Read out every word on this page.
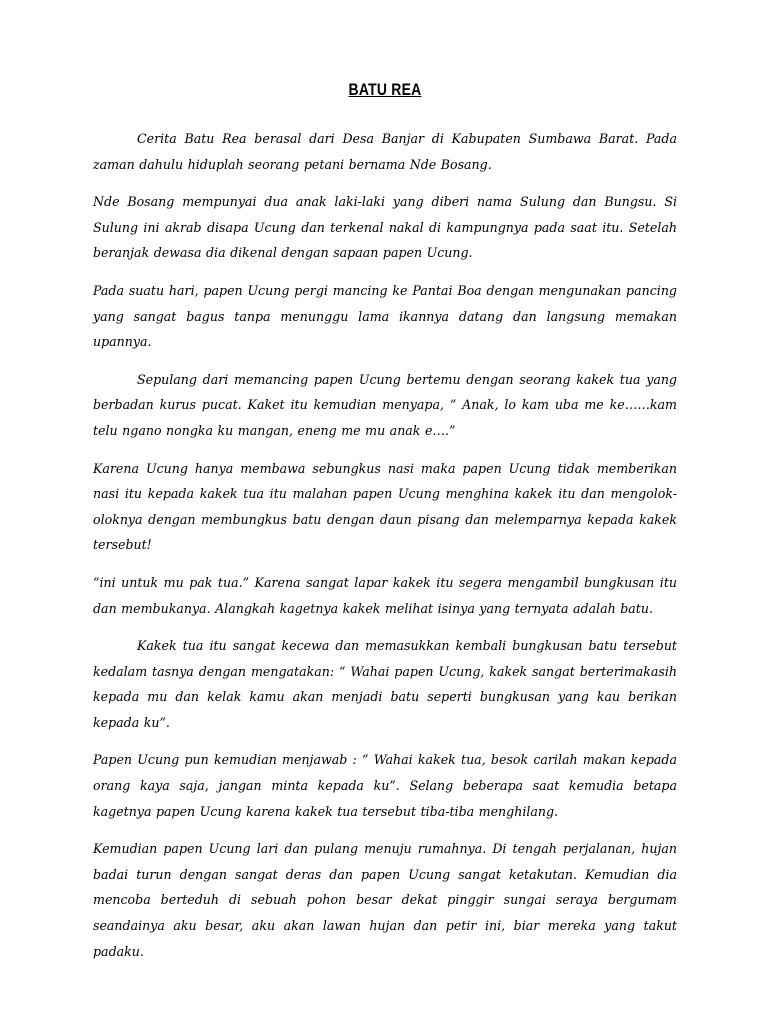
BATU REA

Cerita Batu Rea berasal dari Desa Banjar di Kabupaten Sumbawa Barat. Pada zaman dahulu hiduplah seorang petani bernama Nde Bosang.

Nde Bosang mempunyai dua anak laki-laki yang diberi nama Sulung dan Bungsu. Si Sulung ini akrab disapa Ucung dan terkenal nakal di kampungnya pada saat itu. Setelah beranjak dewasa dia dikenal dengan sapaan papen Ucung.

Pada suatu hari, papen Ucung pergi mancing ke Pantai Boa dengan mengunakan pancing yang sangat bagus tanpa menunggu lama ikannya datang dan langsung memakan upannya.

Sepulang dari memancing papen Ucung bertemu dengan seorang kakek tua yang berbadan kurus pucat. Kaket itu kemudian menyapa, “ Anak, lo kam uba me ke……kam telu ngano nongka ku mangan, eneng me mu anak e….”

Karena Ucung hanya membawa sebungkus nasi maka papen Ucung tidak memberikan nasi itu kepada kakek tua itu malahan papen Ucung menghina kakek itu dan mengolok-oloknya dengan membungkus batu dengan daun pisang dan melemparnya kepada kakek tersebut!

“ini untuk mu pak tua.” Karena sangat lapar kakek itu segera mengambil bungkusan itu dan membukanya. Alangkah kagetnya kakek melihat isinya yang ternyata adalah batu.

Kakek tua itu sangat kecewa dan memasukkan kembali bungkusan batu tersebut kedalam tasnya dengan mengatakan: “ Wahai papen Ucung, kakek sangat berterimakasih kepada mu dan kelak kamu akan menjadi batu seperti bungkusan yang kau berikan kepada ku”.

Papen Ucung pun kemudian menjawab : “ Wahai kakek tua, besok carilah makan kepada orang kaya saja, jangan minta kepada ku”. Selang beberapa saat kemudia betapa kagetnya papen Ucung karena kakek tua tersebut tiba-tiba menghilang.

Kemudian papen Ucung lari dan pulang menuju rumahnya. Di tengah perjalanan, hujan badai turun dengan sangat deras dan papen Ucung sangat ketakutan. Kemudian dia mencoba berteduh di sebuah pohon besar dekat pinggir sungai seraya bergumam seandainya aku besar, aku akan lawan hujan dan petir ini, biar mereka yang takut padaku.
